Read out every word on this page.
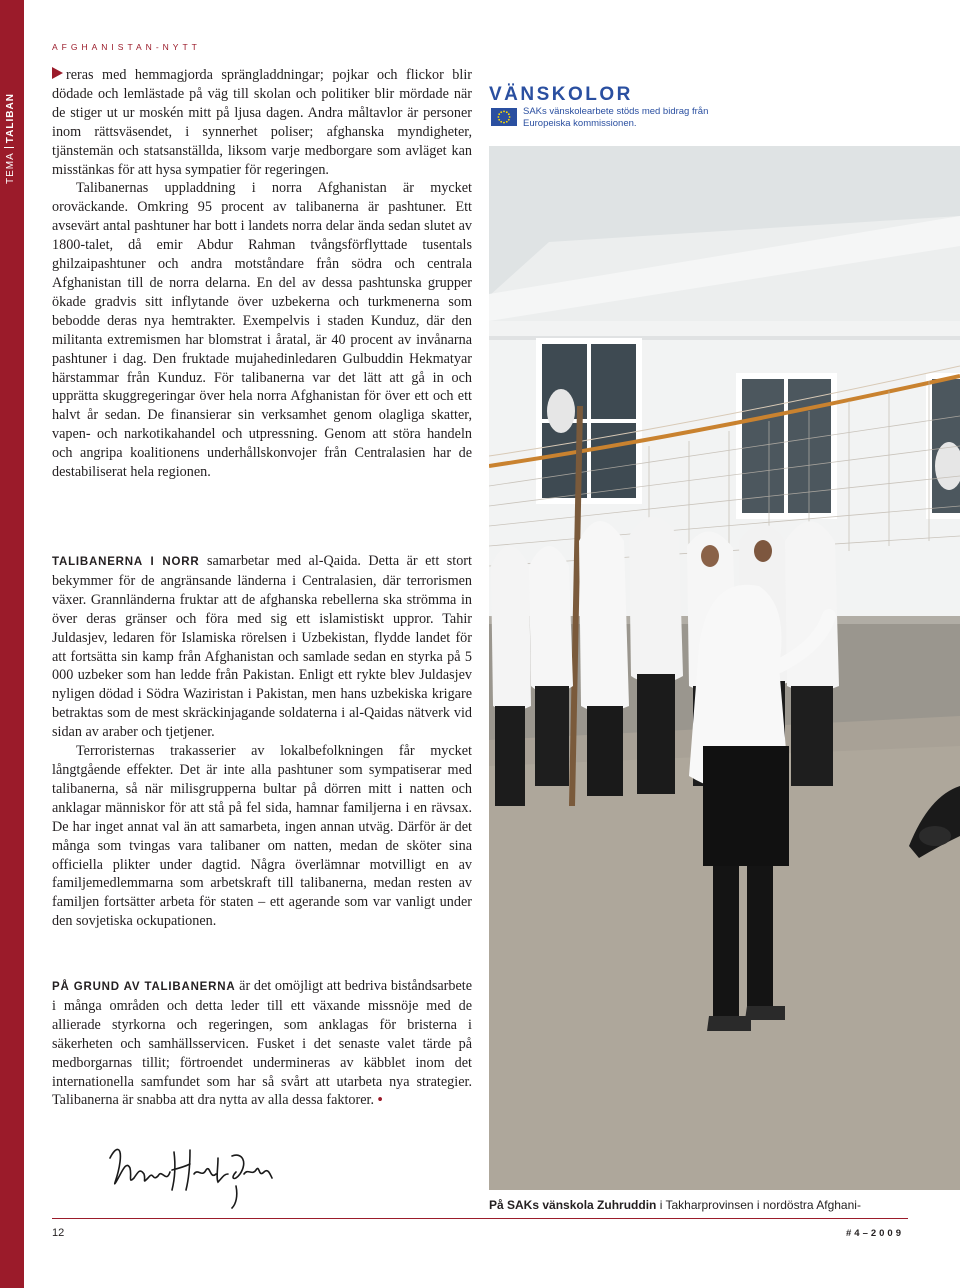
TEMATALIBAN
AFGHANISTAN-NYTT

reras med hemmagjorda sprängladdningar; pojkar och flickor blir dödade och lemlästade på väg till skolan och politiker blir mördade när de stiger ut ur moskén mitt på ljusa dagen. Andra måltavlor är personer inom rättsväsendet, i synnerhet poliser; afghanska myndigheter, tjänstemän och statsanställda, liksom varje medborgare som avläget kan misstänkas för att hysa sympatier för regeringen.

Talibanernas uppladdning i norra Afghanistan är mycket oroväckande. Omkring 95 procent av talibanerna är pashtuner. Ett avsevärt antal pashtuner har bott i landets norra delar ända sedan slutet av 1800-talet, då emir Abdur Rahman tvångsförflyttade tusentals ghilzaipashtuner och andra motståndare från södra och centrala Afghanistan till de norra delarna. En del av dessa pashtunska grupper ökade gradvis sitt inflytande över uzbekerna och turkmenerna som bebodde deras nya hemtrakter. Exempelvis i staden Kunduz, där den militanta extremismen har blomstrat i åratal, är 40 procent av invånarna pashtuner i dag. Den fruktade mujahedinledaren Gulbuddin Hekmatyar härstammar från Kunduz. För talibanerna var det lätt att gå in och upprätta skuggregeringar över hela norra Afghanistan för över ett och ett halvt år sedan. De finansierar sin verksamhet genom olagliga skatter, vapen- och narkotikahandel och utpressning. Genom att störa handeln och angripa koalitionens underhållskonvojer från Centralasien har de destabiliserat hela regionen.

TALIBANERNA I NORR samarbetar med al-Qaida. Detta är ett stort bekymmer för de angränsande länderna i Centralasien, där terrorismen växer. Grannländerna fruktar att de afghanska rebellerna ska strömma in över deras gränser och föra med sig ett islamistiskt uppror. Tahir Juldasjev, ledaren för Islamiska rörelsen i Uzbekistan, flydde landet för att fortsätta sin kamp från Afghanistan och samlade sedan en styrka på 5 000 uzbeker som han ledde från Pakistan. Enligt ett rykte blev Juldasjev nyligen dödad i Södra Waziristan i Pakistan, men hans uzbekiska krigare betraktas som de mest skräckinjagande soldaterna i al-Qaidas nätverk vid sidan av araber och tjetjener.

Terroristernas trakasserier av lokalbefolkningen får mycket långtgående effekter. Det är inte alla pashtuner som sympatiserar med talibanerna, så när milisgrupperna bultar på dörren mitt i natten och anklagar människor för att stå på fel sida, hamnar familjerna i en rävsax. De har inget annat val än att samarbeta, ingen annan utväg. Därför är det många som tvingas vara talibaner om natten, medan de sköter sina officiella plikter under dagtid. Några överlämnar motvilligt en av familjemedlemmarna som arbetskraft till talibanerna, medan resten av familjen fortsätter arbeta för staten – ett agerande som var vanligt under den sovjetiska ockupationen.

PÅ GRUND AV TALIBANERNA är det omöjligt att bedriva biståndsarbete i många områden och detta leder till ett växande missnöje med de allierade styrkorna och regeringen, som anklagas för bristerna i säkerheten och samhällsservicen. Fusket i det senaste valet tärde på medborgarnas tillit; förtroendet undermineras av käbblet inom det internationella samfundet som har så svårt att utarbeta nya strategier. Talibanerna är snabba att dra nytta av alla dessa faktorer. •

VÄNSKOLOR
SAKs vänskolearbete stöds med bidrag från Europeiska kommissionen.
På SAKs vänskola Zuhruddin i Takharprovinsen i nordöstra Afghani-
12	#4–2009
